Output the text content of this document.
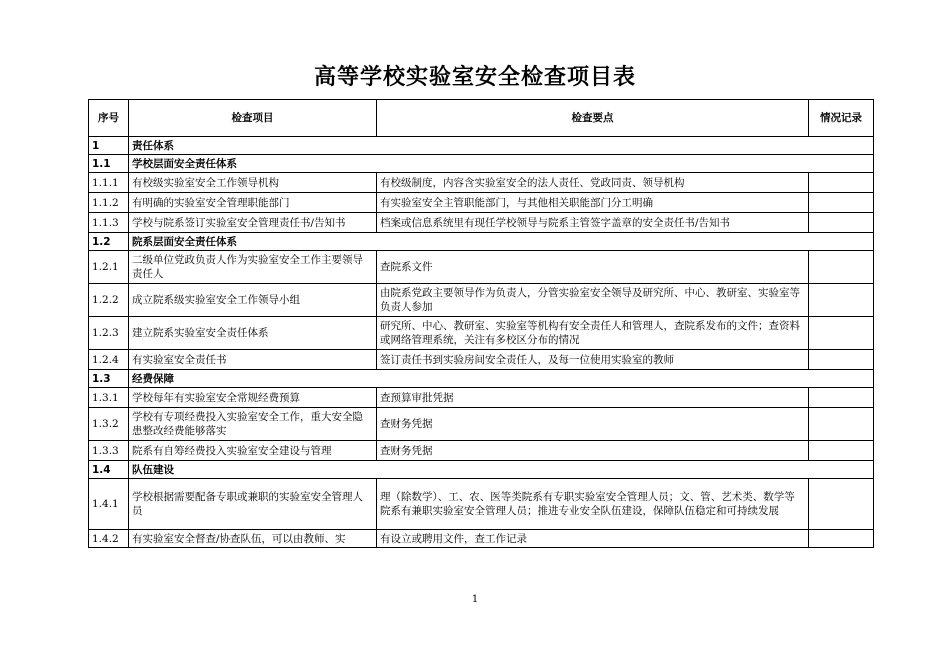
高等学校实验室安全检查项目表
序号	检查项目	检查要点	情况记录
1	责任体系		
1.1	学校层面安全责任体系		
1.1.1	有校级实验室安全工作领导机构	有校级制度，内容含实验室安全的法人责任、党政同责、领导机构	
1.1.2	有明确的实验室安全管理职能部门	有实验室安全主管职能部门，与其他相关职能部门分工明确	
1.1.3	学校与院系签订实验室安全管理责任书/告知书	档案或信息系统里有现任学校领导与院系主管签字盖章的安全责任书/告知书	
1.2	院系层面安全责任体系		
1.2.1	二级单位党政负责人作为实验室安全工作主要领导责任人	查院系文件	
1.2.2	成立院系级实验室安全工作领导小组	由院系党政主要领导作为负责人，分管实验室安全领导及研究所、中心、教研室、实验室等负责人参加	
1.2.3	建立院系实验室安全责任体系	研究所、中心、教研室、实验室等机构有安全责任人和管理人，查院系发布的文件；查资料或网络管理系统，关注有多校区分布的情况	
1.2.4	有实验室安全责任书	签订责任书到实验房间安全责任人，及每一位使用实验室的教师	
1.3	经费保障		
1.3.1	学校每年有实验室安全常规经费预算	查预算审批凭据	
1.3.2	学校有专项经费投入实验室安全工作，重大安全隐患整改经费能够落实	查财务凭据	
1.3.3	院系有自筹经费投入实验室安全建设与管理	查财务凭据	
1.4	队伍建设		
1.4.1	学校根据需要配备专职或兼职的实验室安全管理人员	理（除数学）、工、农、医等类院系有专职实验室安全管理人员；文、管、艺术类、数学等院系有兼职实验室安全管理人员；推进专业安全队伍建设，保障队伍稳定和可持续发展	
1.4.2	有实验室安全督查/协查队伍，可以由教师、实	有设立或聘用文件，查工作记录	
1
